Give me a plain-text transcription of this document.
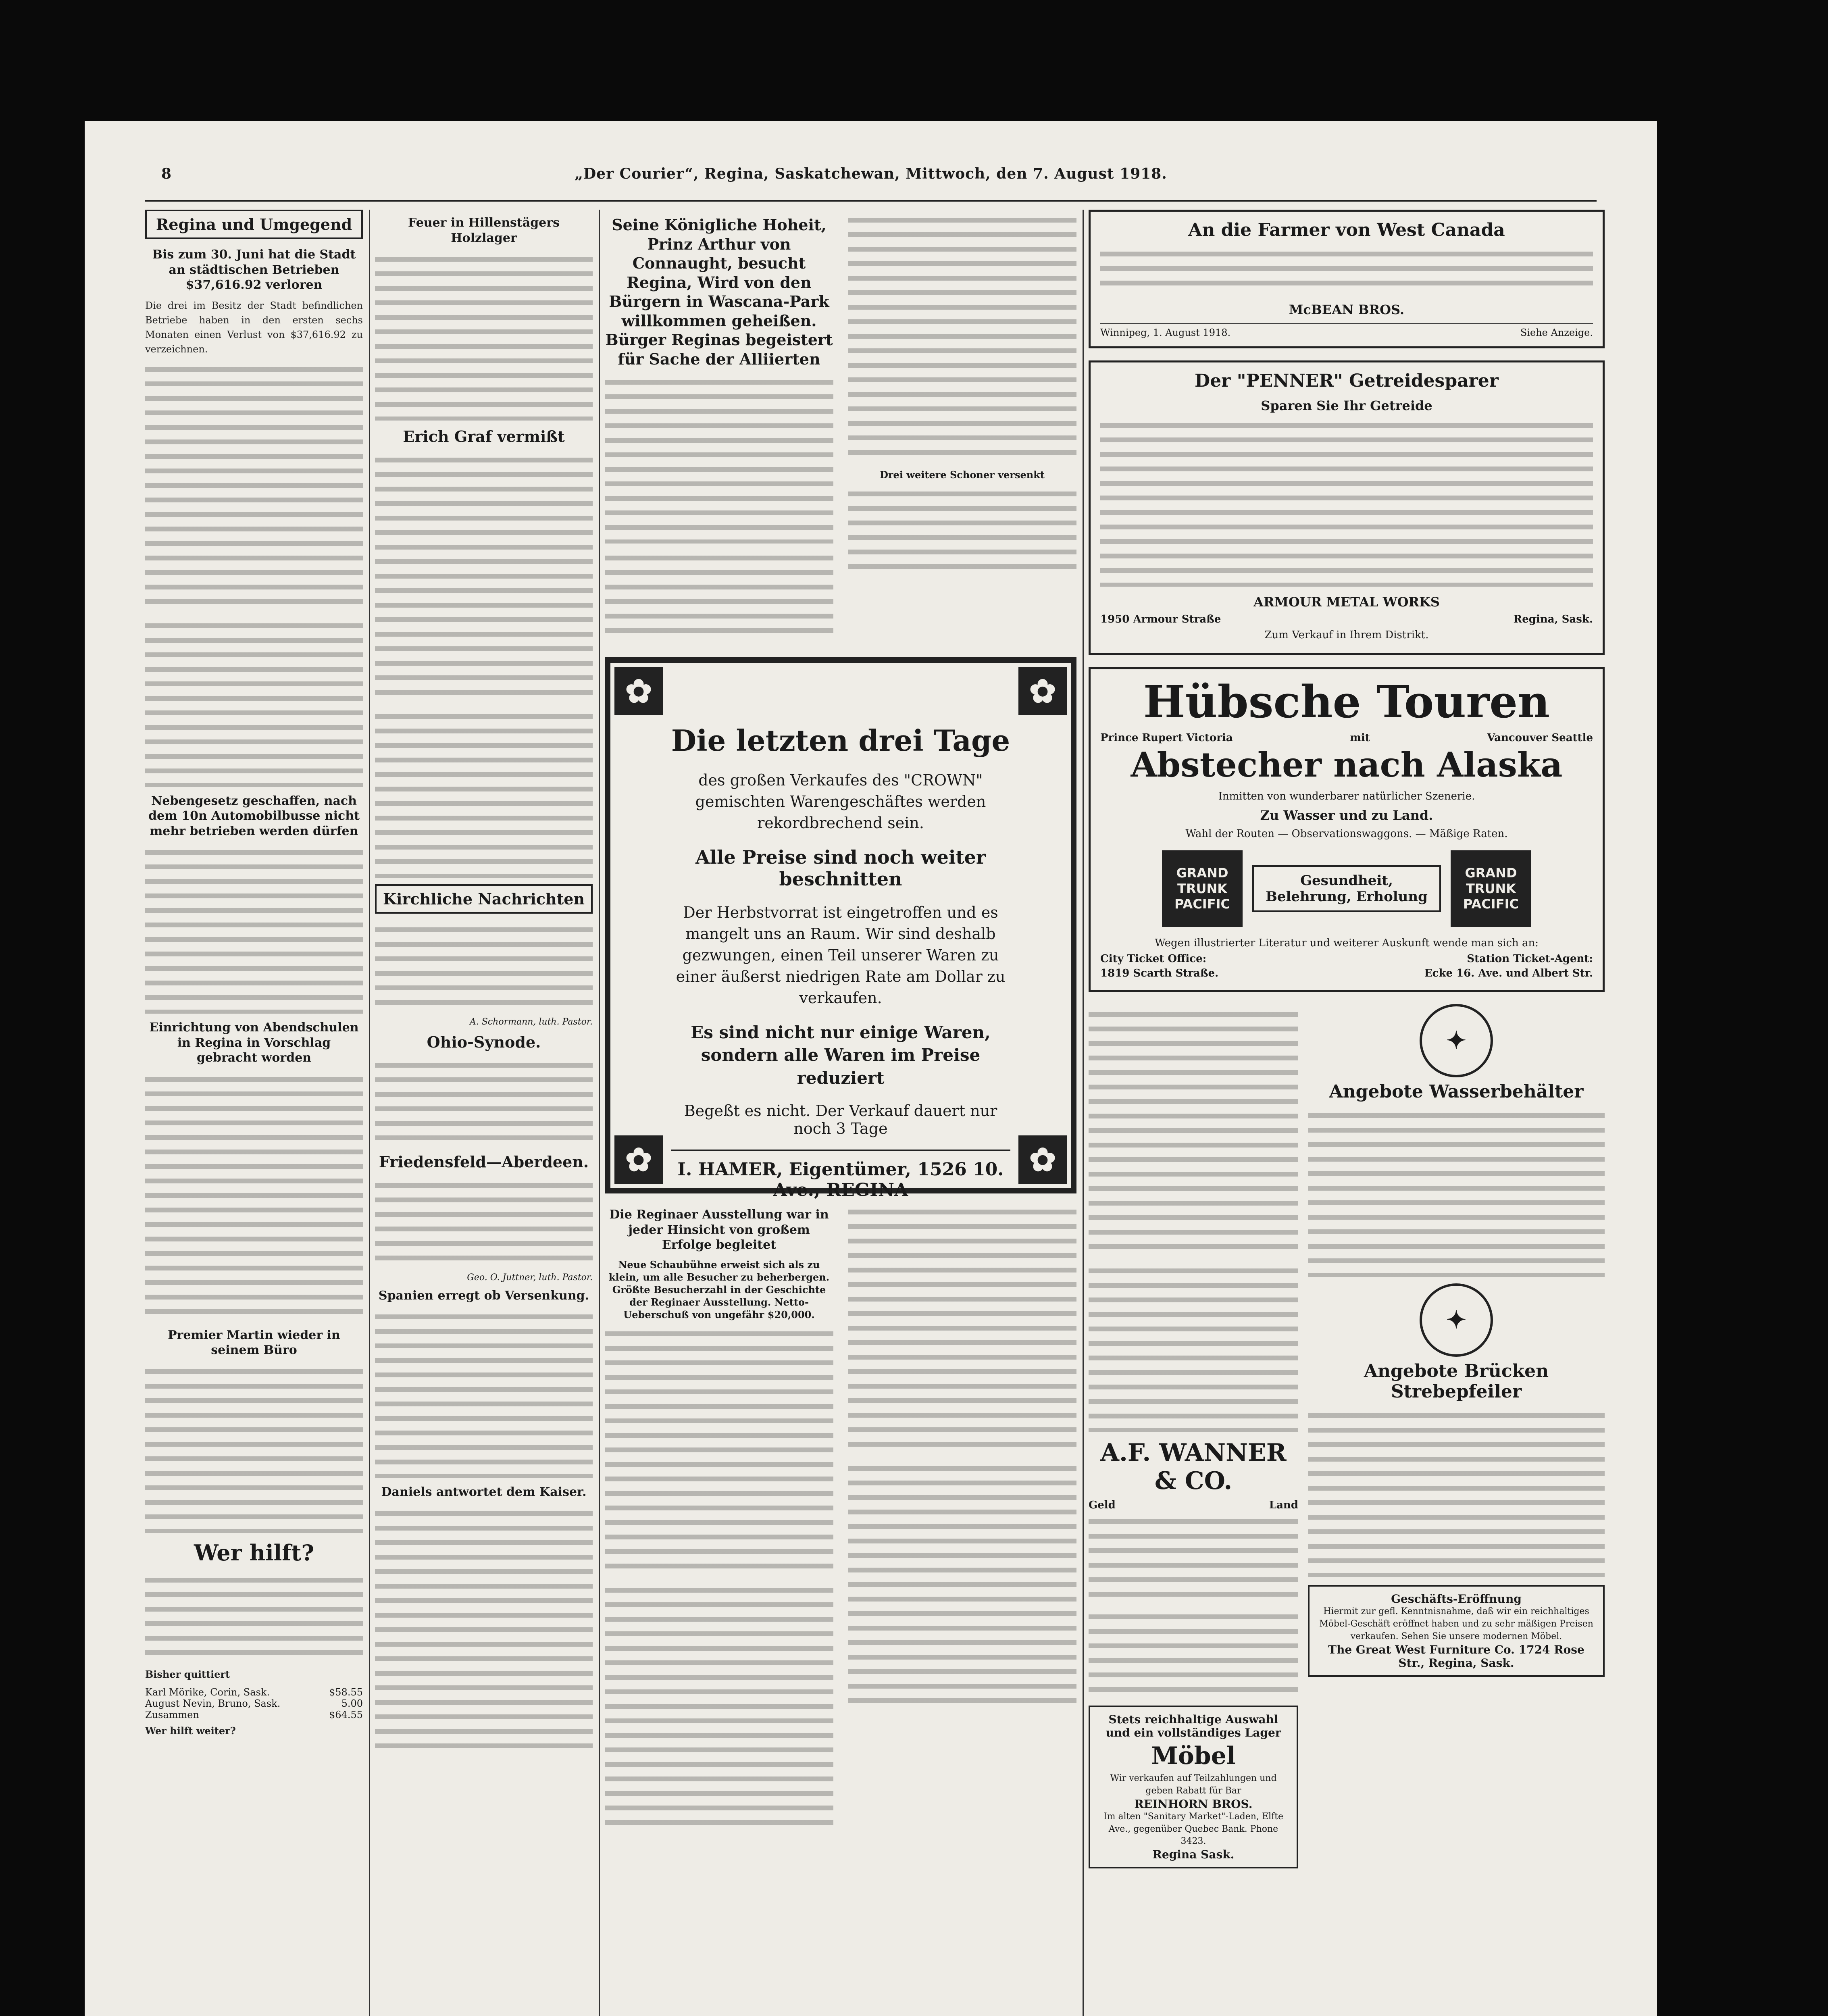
8	„Der Courier“, Regina, Saskatchewan, Mittwoch, den 7. August 1918.
Regina und Umgegend
Bis zum 30. Juni hat die Stadt an städtischen Betrieben $37,616.92 verloren

Die drei im Besitz der Stadt befindlichen Betriebe haben in den ersten sechs Monaten einen Verlust von $37,616.92 zu verzeichnen.

Nebengesetz geschaffen, nach dem 10n Automobilbusse nicht mehr betrieben werden dürfen
Einrichtung von Abendschulen in Regina in Vorschlag gebracht worden
Premier Martin wieder in seinem Büro
Wer hilft?
Bisher quittiert
Karl Mörike, Corin, Sask.	$58.55
August Nevin, Bruno, Sask.	5.00
Zusammen	$64.55
Wer hilft weiter?
Feuer in Hillenstägers Holzlager
Erich Graf vermißt
Kirchliche Nachrichten
A. Schormann, luth. Pastor.
Ohio-Synode.
Friedensfeld—Aberdeen.
Geo. O. Juttner, luth. Pastor.
Spanien erregt ob Versenkung.
Daniels antwortet dem Kaiser.
Seine Königliche Hoheit, Prinz Arthur von Connaught, besucht Regina, Wird von den Bürgern in Wascana-Park willkommen geheißen. Bürger Reginas begeistert für Sache der Alliierten
Drei weitere Schoner versenkt
✿	✿
✿	✿
Die letzten drei Tage
des großen Verkaufes des "CROWN" gemischten Warengeschäftes werden rekordbrechend sein.
Alle Preise sind noch weiter beschnitten
Der Herbstvorrat ist eingetroffen und es mangelt uns an Raum. Wir sind deshalb gezwungen, einen Teil unserer Waren zu einer äußerst niedrigen Rate am Dollar zu verkaufen.
Es sind nicht nur einige Waren, sondern alle Waren im Preise reduziert
Begeßt es nicht. Der Verkauf dauert nur noch 3 Tage
I. HAMER, Eigentümer, 1526 10. Ave., REGINA
Die Reginaer Ausstellung war in jeder Hinsicht von großem Erfolge begleitet
Neue Schaubühne erweist sich als zu klein, um alle Besucher zu beherbergen. Größte Besucherzahl in der Geschichte der Reginaer Ausstellung. Netto-Ueberschuß von ungefähr $20,000.
An die Farmer von West Canada
McBEAN BROS.
Winnipeg, 1. August 1918.	Siehe Anzeige.
Der "PENNER" Getreidesparer
Sparen Sie Ihr Getreide
ARMOUR METAL WORKS
1950 Armour Straße	Regina, Sask.
Zum Verkauf in Ihrem Distrikt.
Hübsche Touren
Prince Rupert Victoria	mit	Vancouver Seattle
Abstecher nach Alaska
Inmitten von wunderbarer natürlicher Szenerie.
Zu Wasser und zu Land.
Wahl der Routen — Observationswaggons. — Mäßige Raten.
GRAND TRUNK PACIFIC
Gesundheit, Belehrung, Erholung
GRAND TRUNK PACIFIC
Wegen illustrierter Literatur und weiterer Auskunft wende man sich an:
City Ticket Office:	Station Ticket-Agent:
1819 Scarth Straße.	Ecke 16. Ave. und Albert Str.
A.F. WANNER & CO.
Geld	Land
Stets reichhaltige Auswahl und ein vollständiges Lager
Möbel
Wir verkaufen auf Teilzahlungen und geben Rabatt für Bar
REINHORN BROS.
Im alten "Sanitary Market"-Laden, Elfte Ave., gegenüber Quebec Bank. Phone 3423.
Regina Sask.
✦
Angebote Wasserbehälter
✦
Angebote Brücken Strebepfeiler
Geschäfts-Eröffnung
Hiermit zur gefl. Kenntnisnahme, daß wir ein reichhaltiges Möbel-Geschäft eröffnet haben und zu sehr mäßigen Preisen verkaufen. Sehen Sie unsere modernen Möbel.
The Great West Furniture Co. 1724 Rose Str., Regina, Sask.
